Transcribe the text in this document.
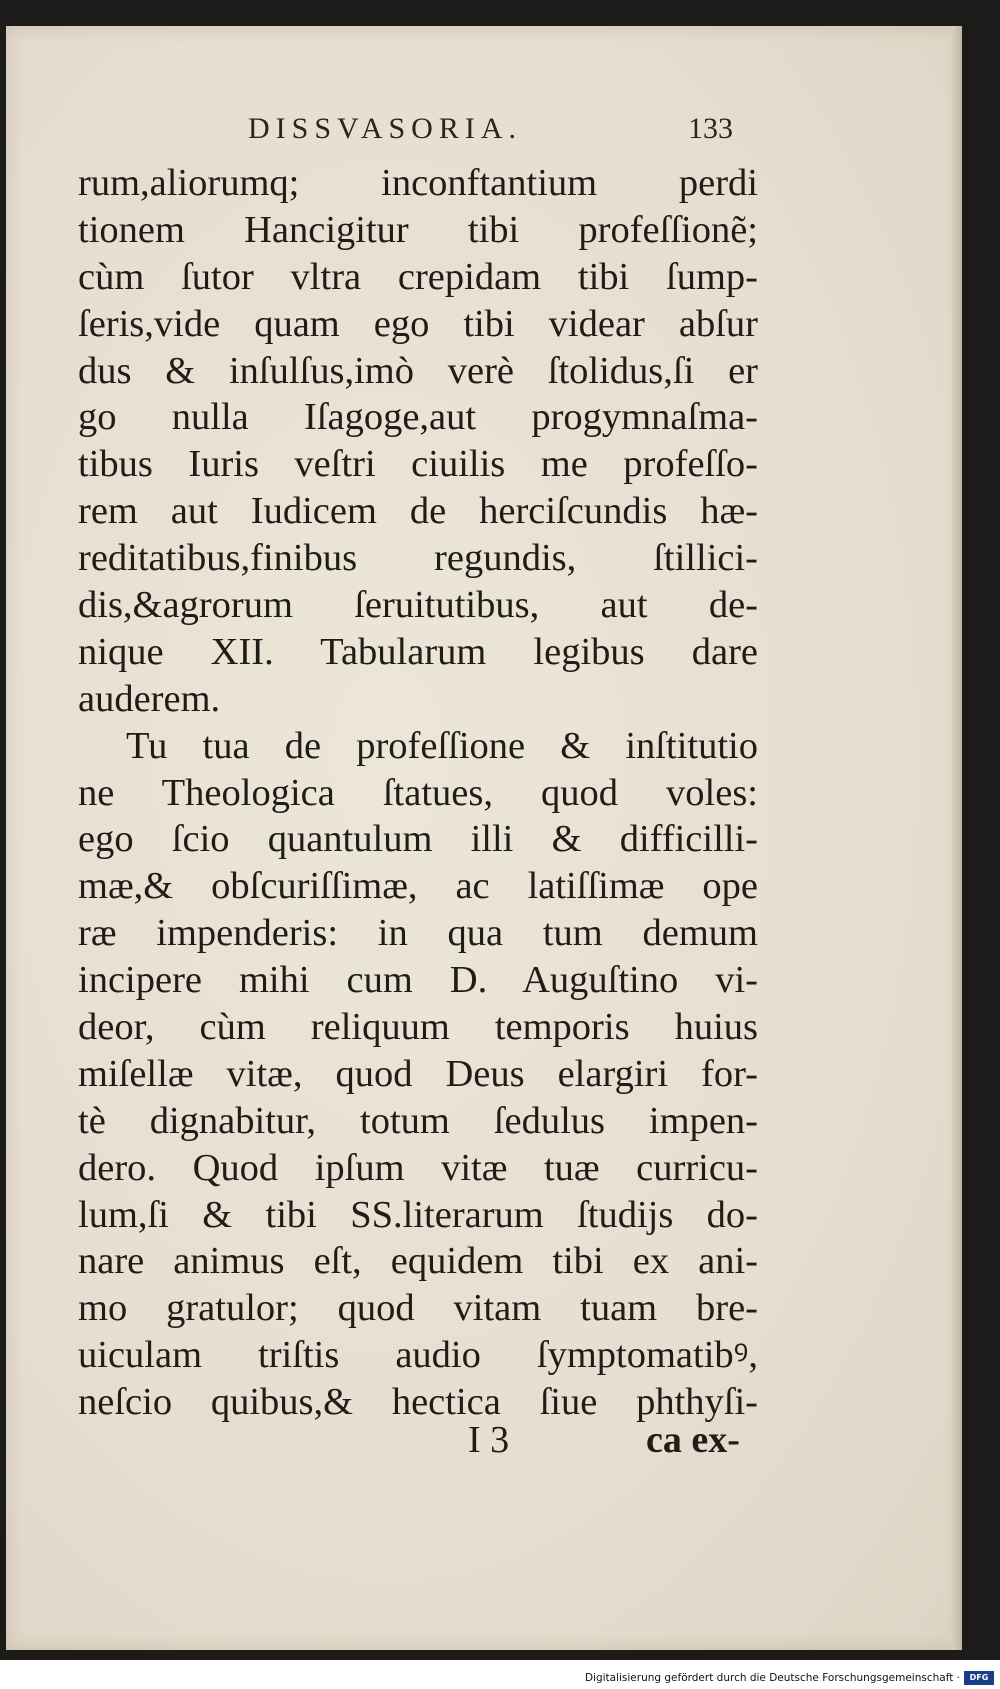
DISSVASORIA.	133
rum,aliorumq; inconftantium perdi
tionem Hancigitur tibi profeſſionẽ;
cùm ſutor vltra crepidam tibi ſump-
ſeris,vide quam ego tibi videar abſur
dus & inſulſus,imò verè ſtolidus,ſi er
go nulla Iſagoge,aut progymnaſma-
tibus Iuris veſtri ciuilis me profeſſo-
rem aut Iudicem de herciſcundis hæ-
reditatibus,finibus regundis, ſtillici-
dis,&agrorum ſeruitutibus, aut de-
nique XII. Tabularum legibus dare
auderem.
Tu tua de profeſſione & inſtitutio
ne Theologica ſtatues, quod voles:
ego ſcio quantulum illi & difficilli-
mæ,& obſcuriſſimæ, ac latiſſimæ ope
ræ impenderis: in qua tum demum
incipere mihi cum D. Auguſtino vi-
deor, cùm reliquum temporis huius
miſellæ vitæ, quod Deus elargiri for-
tè dignabitur, totum ſedulus impen-
dero. Quod ipſum vitæ tuæ curricu-
lum,ſi & tibi SS.literarum ſtudijs do-
nare animus eſt, equidem tibi ex ani-
mo gratulor; quod vitam tuam bre-
uiculam triſtis audio ſymptomatibꝰ,
neſcio quibus,& hectica ſiue phthyſi-
I 3	ca ex-
Digitalisierung gefördert durch die Deutsche Forschungsgemeinschaft ·	DFG
